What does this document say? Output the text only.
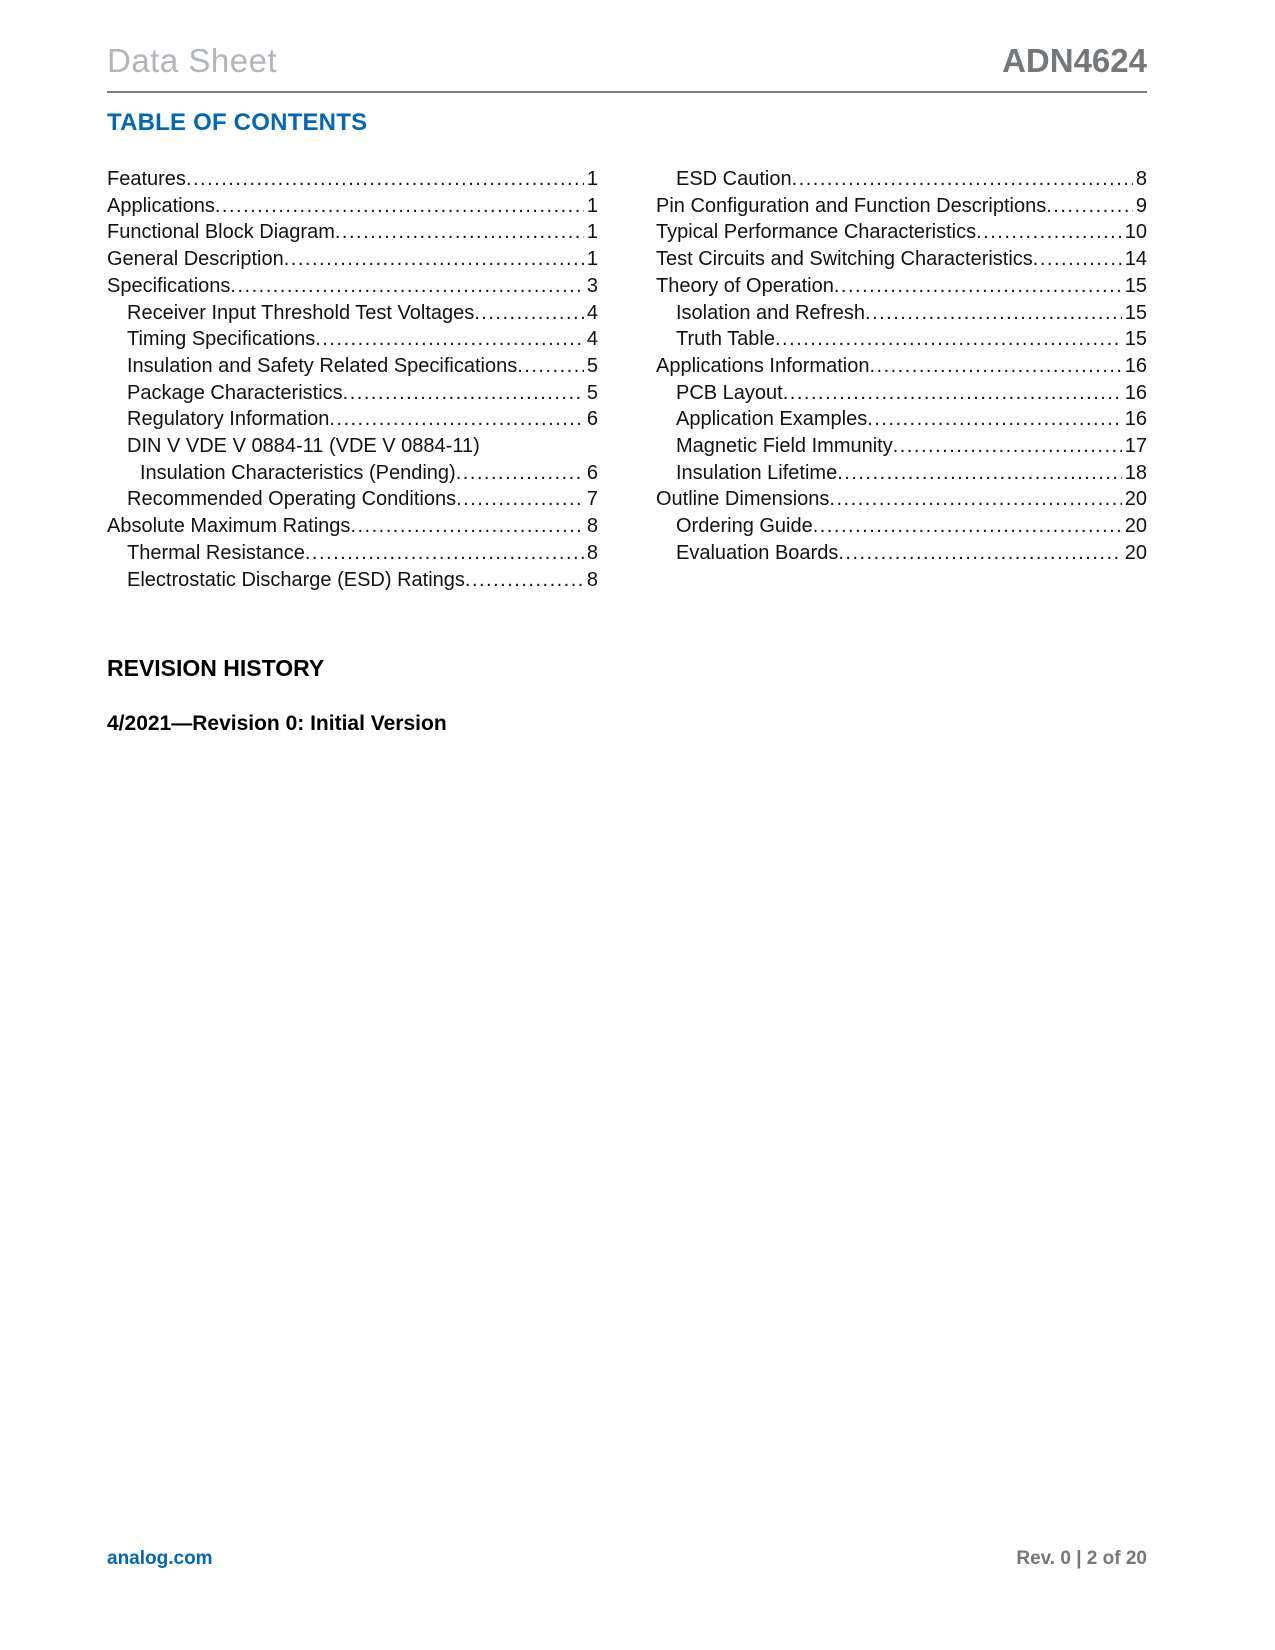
Data Sheet	ADN4624
TABLE OF CONTENTS
Features .....	1
Applications .....	1
Functional Block Diagram .....	1
General Description .....	1
Specifications .....	3
Receiver Input Threshold Test Voltages .....	4
Timing Specifications .....	4
Insulation and Safety Related Specifications .....	5
Package Characteristics .....	5
Regulatory Information .....	6
DIN V VDE V 0884-11 (VDE V 0884-11)
Insulation Characteristics (Pending) .....	6
Recommended Operating Conditions .....	7
Absolute Maximum Ratings .....	8
Thermal Resistance .....	8
Electrostatic Discharge (ESD) Ratings .....	8
ESD Caution .....	8
Pin Configuration and Function Descriptions .....	9
Typical Performance Characteristics .....	10
Test Circuits and Switching Characteristics .....	14
Theory of Operation .....	15
Isolation and Refresh .....	15
Truth Table .....	15
Applications Information .....	16
PCB Layout .....	16
Application Examples .....	16
Magnetic Field Immunity .....	17
Insulation Lifetime .....	18
Outline Dimensions .....	20
Ordering Guide .....	20
Evaluation Boards .....	20
REVISION HISTORY
4/2021—Revision 0: Initial Version
analog.com	Rev. 0 | 2 of 20
